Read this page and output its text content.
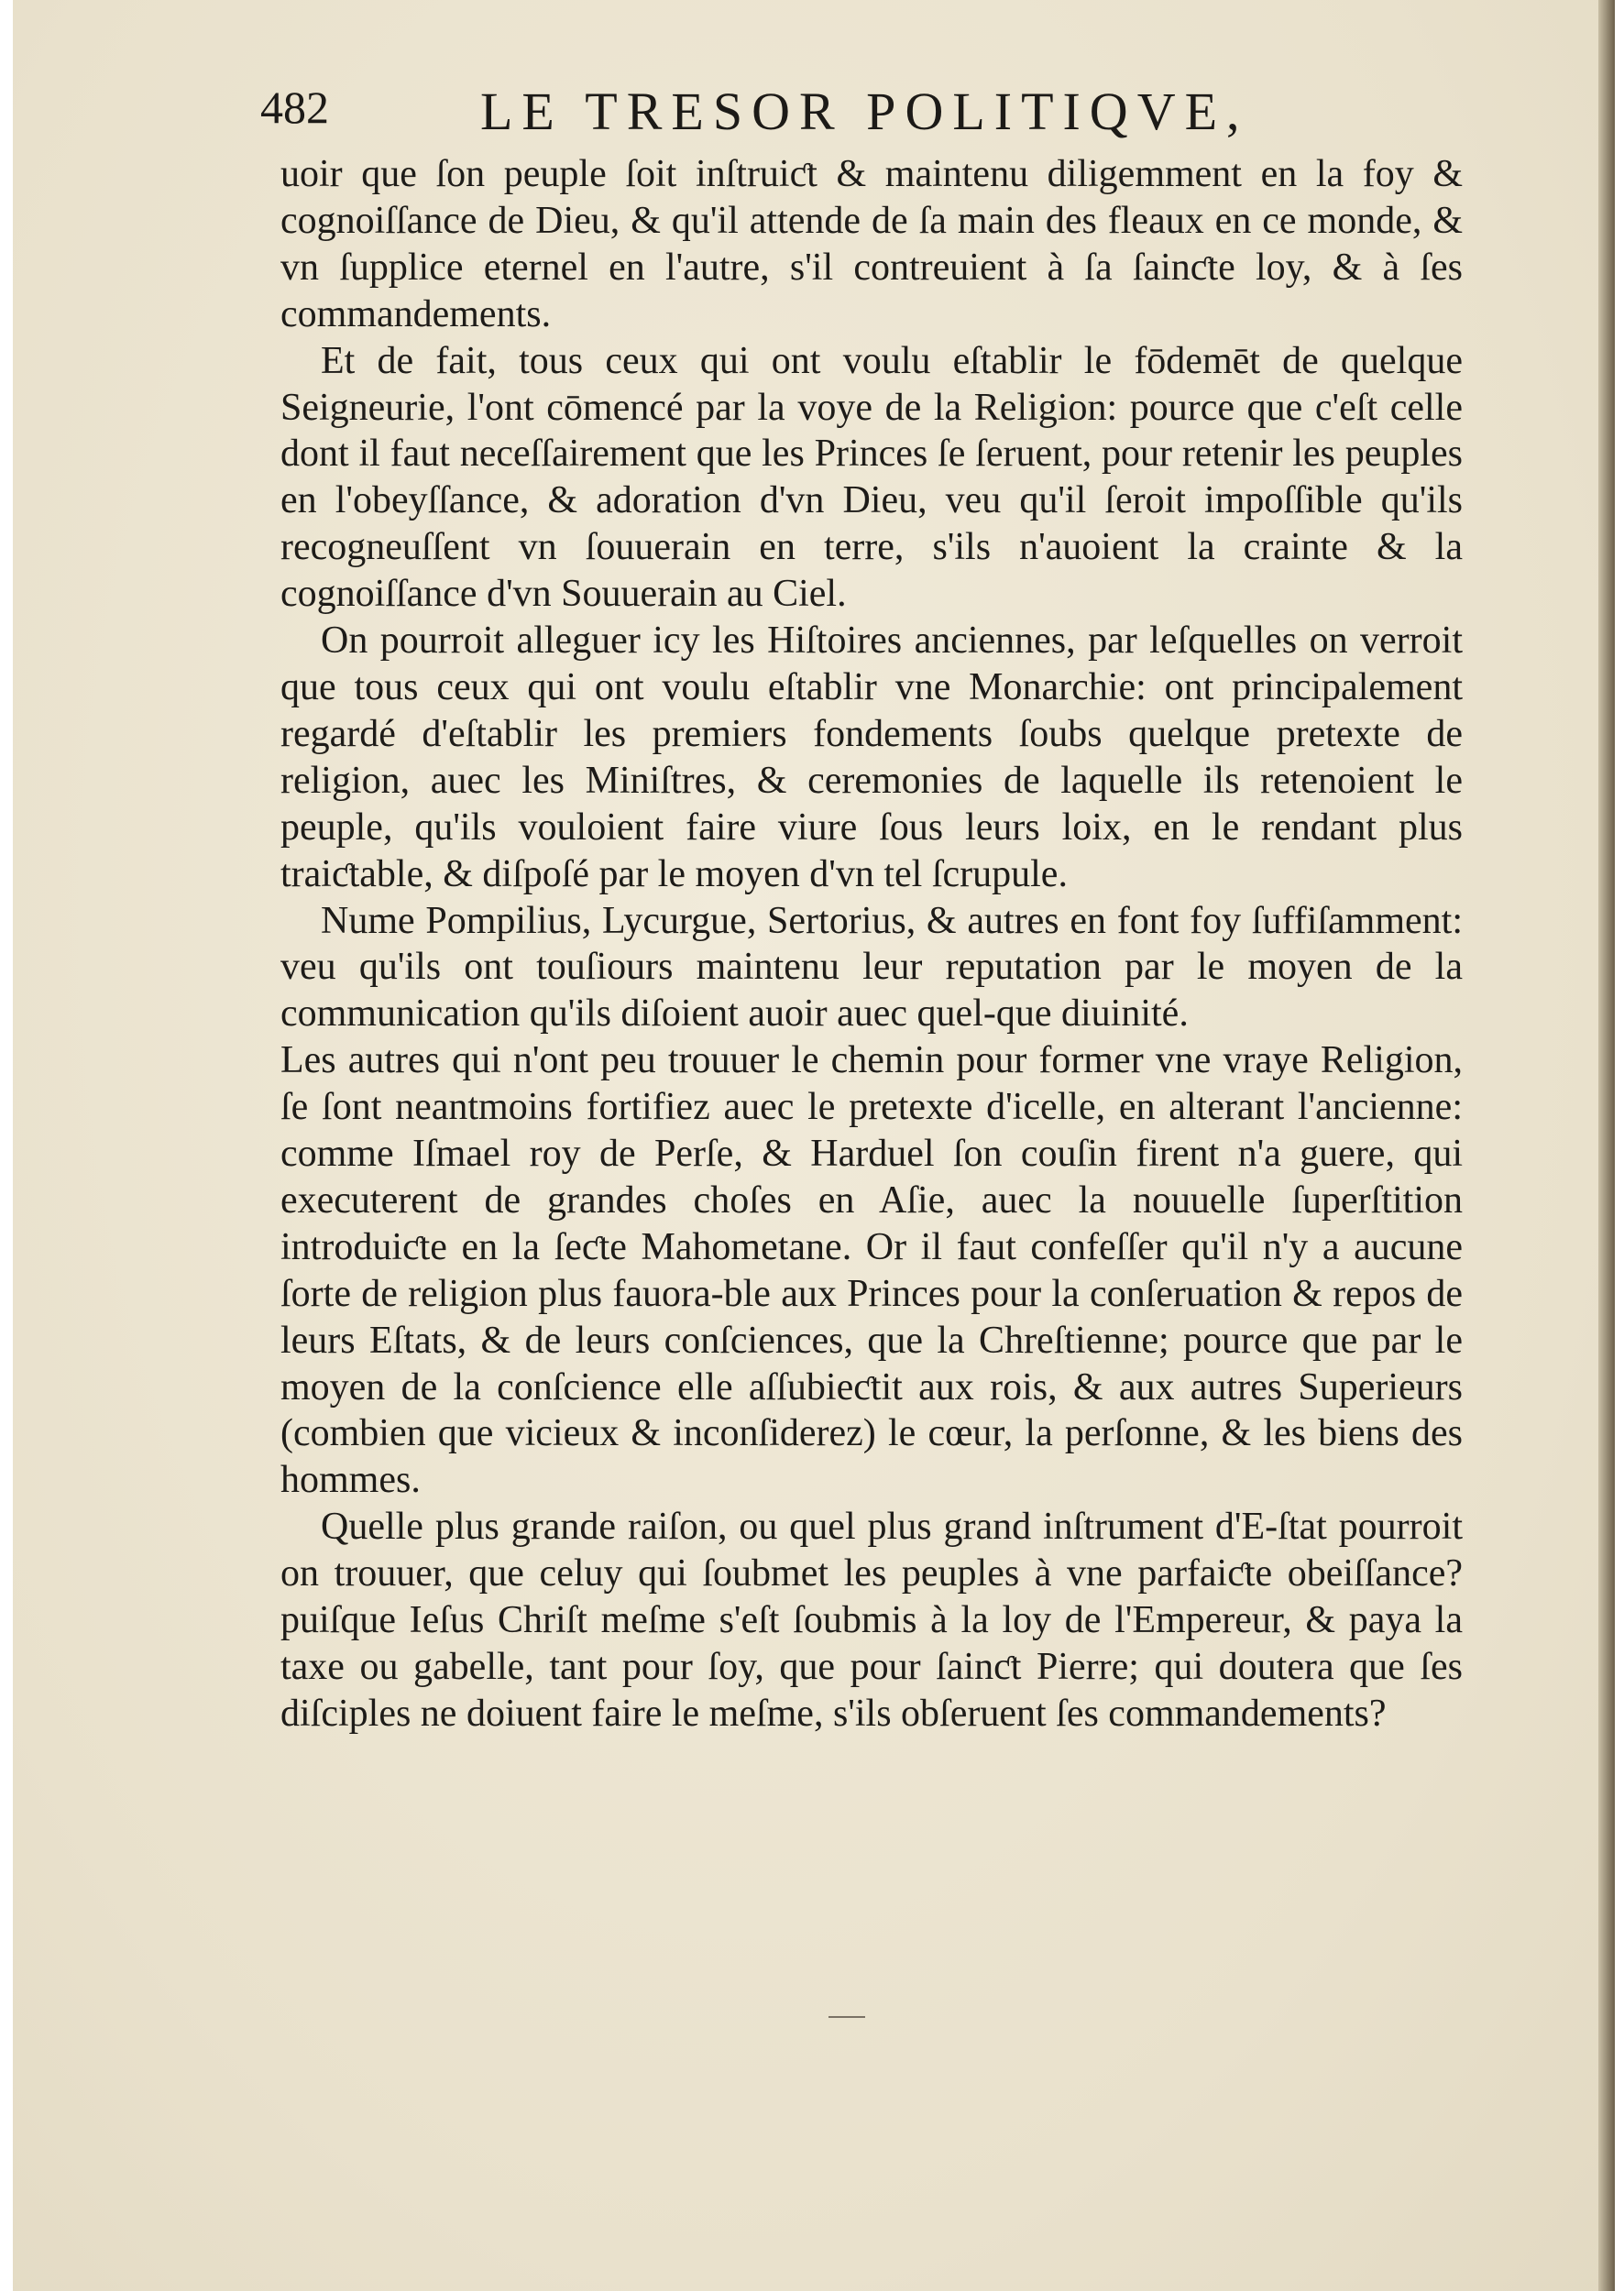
482	LE TRESOR POLITIQVE,

uoir que ſon peuple ſoit inſtruiƈt & maintenu diligemment en la foy & cognoiſſance de Dieu, & qu'il attende de ſa main des fleaux en ce monde, & vn ſupplice eternel en l'autre, s'il contreuient à ſa ſainƈte loy, & à ſes commandements.

Et de fait, tous ceux qui ont voulu eſtablir le fōdemēt de quelque Seigneurie, l'ont cōmencé par la voye de la Religion: pource que c'eſt celle dont il faut neceſſairement que les Princes ſe ſeruent, pour retenir les peuples en l'obeyſſance, & adoration d'vn Dieu, veu qu'il ſeroit impoſſible qu'ils recogneuſſent vn ſouuerain en terre, s'ils n'auoient la crainte & la cognoiſſance d'vn Souuerain au Ciel.

On pourroit alleguer icy les Hiſtoires anciennes, par leſquelles on verroit que tous ceux qui ont voulu eſtablir vne Monarchie: ont principalement regardé d'eſtablir les premiers fondements ſoubs quelque pretexte de religion, auec les Miniſtres, & ceremonies de laquelle ils retenoient le peuple, qu'ils vouloient faire viure ſous leurs loix, en le rendant plus traiƈtable, & diſpoſé par le moyen d'vn tel ſcrupule.

Nume Pompilius, Lycurgue, Sertorius, & autres en font foy ſuffiſamment: veu qu'ils ont touſiours maintenu leur reputation par le moyen de la communication qu'ils diſoient auoir auec quel-que diuinité.

Les autres qui n'ont peu trouuer le chemin pour former vne vraye Religion, ſe ſont neantmoins fortifiez auec le pretexte d'icelle, en alterant l'ancienne: comme Iſmael roy de Perſe, & Harduel ſon couſin firent n'a guere, qui executerent de grandes choſes en Aſie, auec la nouuelle ſuperſtition introduiƈte en la ſeƈte Mahometane. Or il faut confeſſer qu'il n'y a aucune ſorte de religion plus fauora-ble aux Princes pour la conſeruation & repos de leurs Eſtats, & de leurs conſciences, que la Chreſtienne; pource que par le moyen de la conſcience elle aſſubieƈtit aux rois, & aux autres Superieurs (combien que vicieux & inconſiderez) le cœur, la perſonne, & les biens des hommes.

Quelle plus grande raiſon, ou quel plus grand inſtrument d'E-ſtat pourroit on trouuer, que celuy qui ſoubmet les peuples à vne parfaiƈte obeiſſance? puiſque Ieſus Chriſt meſme s'eſt ſoubmis à la loy de l'Empereur, & paya la taxe ou gabelle, tant pour ſoy, que pour ſainƈt Pierre; qui doutera que ſes diſciples ne doiuent faire le meſme, s'ils obſeruent ſes commandements?
